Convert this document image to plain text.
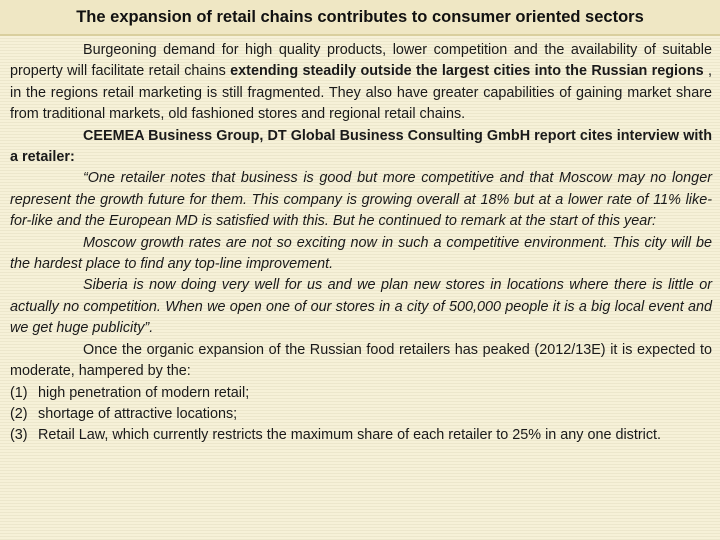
The expansion of retail chains contributes to consumer oriented sectors

Burgeoning demand for high quality products, lower competition and the availability of suitable property will facilitate retail chains extending steadily outside the largest cities into the Russian regions , in the regions retail marketing is still fragmented. They also have greater capabilities of gaining market share from traditional markets, old fashioned stores and regional retail chains.

CEEMEA Business Group, DT Global Business Consulting GmbH report cites interview with a retailer:

“One retailer notes that business is good but more competitive and that Moscow may no longer represent the growth future for them. This company is growing overall at 18% but at a lower rate of 11% like-for-like and the European MD is satisfied with this. But he continued to remark at the start of this year:

Moscow growth rates are not so exciting now in such a competitive environment. This city will be the hardest place to find any top-line improvement.

Siberia is now doing very well for us and we plan new stores in locations where there is little or actually no competition. When we open one of our stores in a city of 500,000 people it is a big local event and we get huge publicity”.

Once the organic expansion of the Russian food retailers has peaked (2012/13E) it is expected to moderate, hampered by the:

(1) high penetration of modern retail;

(2) shortage of attractive locations;

(3) Retail Law, which currently restricts the maximum share of each retailer to 25% in any one district.
